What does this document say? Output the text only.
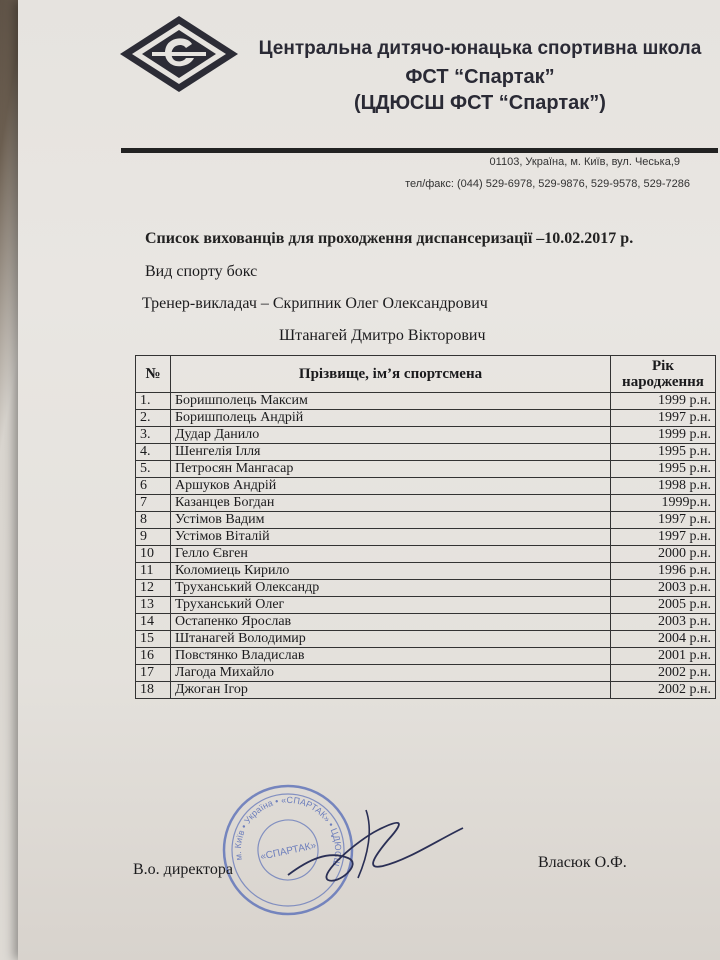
Центральна дитячо-юнацька спортивна школа
ФСТ “Спартак”
(ЦДЮСШ ФСТ “Спартак”)
01103, Україна, м. Київ, вул. Чеська,9
тел/факс: (044) 529-6978, 529-9876, 529-9578, 529-7286
Список вихованців для проходження диспансеризації –10.02.2017 р.
Вид спорту бокс
Тренер-викладач – Скрипник Олег Олександрович
Штанагей Дмитро Вікторович
№	Прізвище, ім’я спортсмена	Рік народження
1.	Боришполець Максим	1999 р.н.
2.	Боришполець Андрій	1997 р.н.
3.	Дудар Данило	1999 р.н.
4.	Шенгелія Ілля	1995 р.н.
5.	Петросян Мангасар	1995 р.н.
6	Аршуков Андрій	1998 р.н.
7	Казанцев Богдан	1999р.н.
8	Устімов Вадим	1997 р.н.
9	Устімов Віталій	1997 р.н.
10	Гелло Євген	2000 р.н.
11	Коломиець Кирило	1996 р.н.
12	Труханський Олександр	2003 р.н.
13	Труханський Олег	2005 р.н.
14	Остапенко Ярослав	2003 р.н.
15	Штанагей Володимир	2004 р.н.
16	Повстянко Владислав	2001 р.н.
17	Лагода Михайло	2002 р.н.
18	Джоган Ігор	2002 р.н.
м. Київ • Україна • «СПАРТАК» • ЦДЮСШ
«СПАРТАК»
В.о. директора	Власюк О.Ф.
